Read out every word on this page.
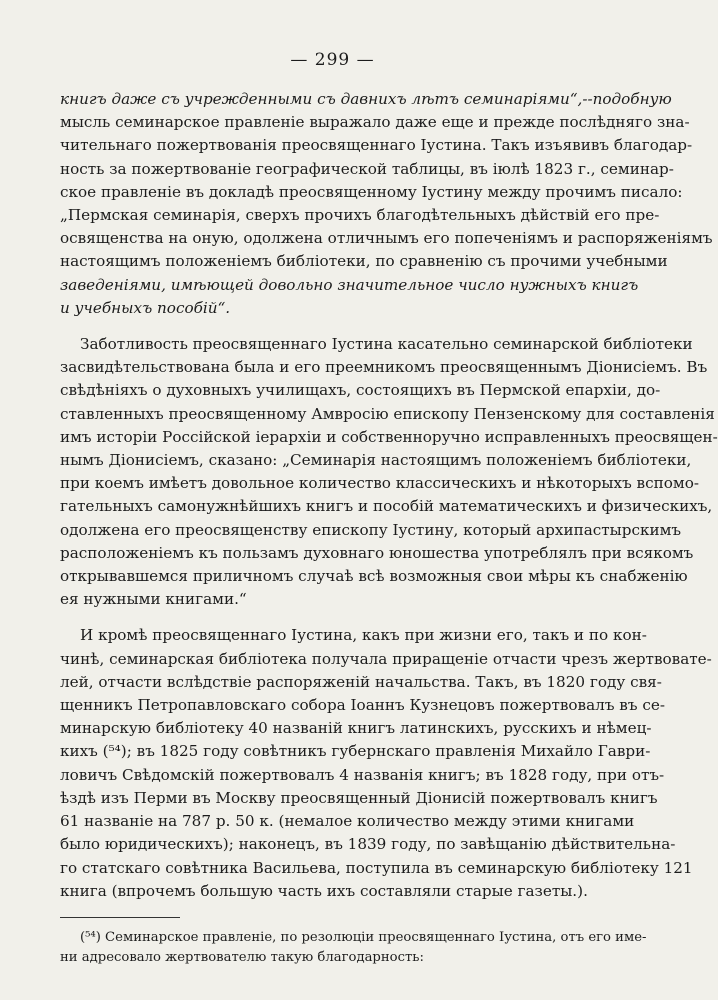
— 299 —

книгъ даже съ учрежденными съ давнихъ лѣтъ семинаріями“,--подобную
мысль семинарское правленіе выражало даже еще и прежде послѣдняго зна-
чительнаго пожертвованія преосвященнаго Іустина. Такъ изъявивъ благодар-
ность за пожертвованіе географической таблицы, въ іюлѣ 1823 г., семинар-
ское правленіе въ докладѣ преосвященному Іустину между прочимъ писало:
„Пермская семинарія, сверхъ прочихъ благодѣтельныхъ дѣйствій его пре-
освященства на оную, одолжена отличнымъ его попеченіямъ и распоряженіямъ
настоящимъ положеніемъ библіотеки, по сравненію съ прочими учебными
заведеніями, имѣющей довольно значительное число нужныхъ книгъ
и учебныхъ пособій“.

Заботливость преосвященнаго Іустина касательно семинарской библіотеки
засвидѣтельствована была и его преемникомъ преосвященнымъ Діонисіемъ. Въ
свѣдѣніяхъ о духовныхъ училищахъ, состоящихъ въ Пермской епархіи, до-
ставленныхъ преосвященному Амвросію епископу Пензенскому для составленія
имъ исторіи Россійской іерархіи и собственноручно исправленныхъ преосвящен-
нымъ Діонисіемъ, сказано: „Семинарія настоящимъ положеніемъ библіотеки,
при коемъ имѣетъ довольное количество классическихъ и нѣкоторыхъ вспомо-
гательныхъ самонужнѣйшихъ книгъ и пособій математическихъ и физическихъ,
одолжена его преосвященству епископу Іустину, который архипастырскимъ
расположеніемъ къ пользамъ духовнаго юношества употреблялъ при всякомъ
открывавшемся приличномъ случаѣ всѣ возможныя свои мѣры къ снабженію
ея нужными книгами.“

И кромѣ преосвященнаго Іустина, какъ при жизни его, такъ и по кон-
чинѣ, семинарская библіотека получала приращеніе отчасти чрезъ жертвовате-
лей, отчасти вслѣдствіе распоряженій начальства. Такъ, въ 1820 году свя-
щенникъ Петропавловскаго собора Іоаннъ Кузнецовъ пожертвовалъ въ се-
минарскую библіотеку 40 названій книгъ латинскихъ, русскихъ и нѣмец-
кихъ (⁵⁴); въ 1825 году совѣтникъ губернскаго правленія Михайло Гаври-
ловичъ Свѣдомскій пожертвовалъ 4 названія книгъ; въ 1828 году, при отъ-
ѣздѣ изъ Перми въ Москву преосвященный Діонисій пожертвовалъ книгъ
61 названіе на 787 р. 50 к. (немалое количество между этими книгами
было юридическихъ); наконецъ, въ 1839 году, по завѣщанію дѣйствительна-
го статскаго совѣтника Васильева, поступила въ семинарскую библіотеку 121
книга (впрочемъ большую часть ихъ составляли старые газеты.).

(⁵⁴) Семинарское правленіе, по резолюціи преосвященнаго Іустина, отъ его име-
ни адресовало жертвователю такую благодарность:
